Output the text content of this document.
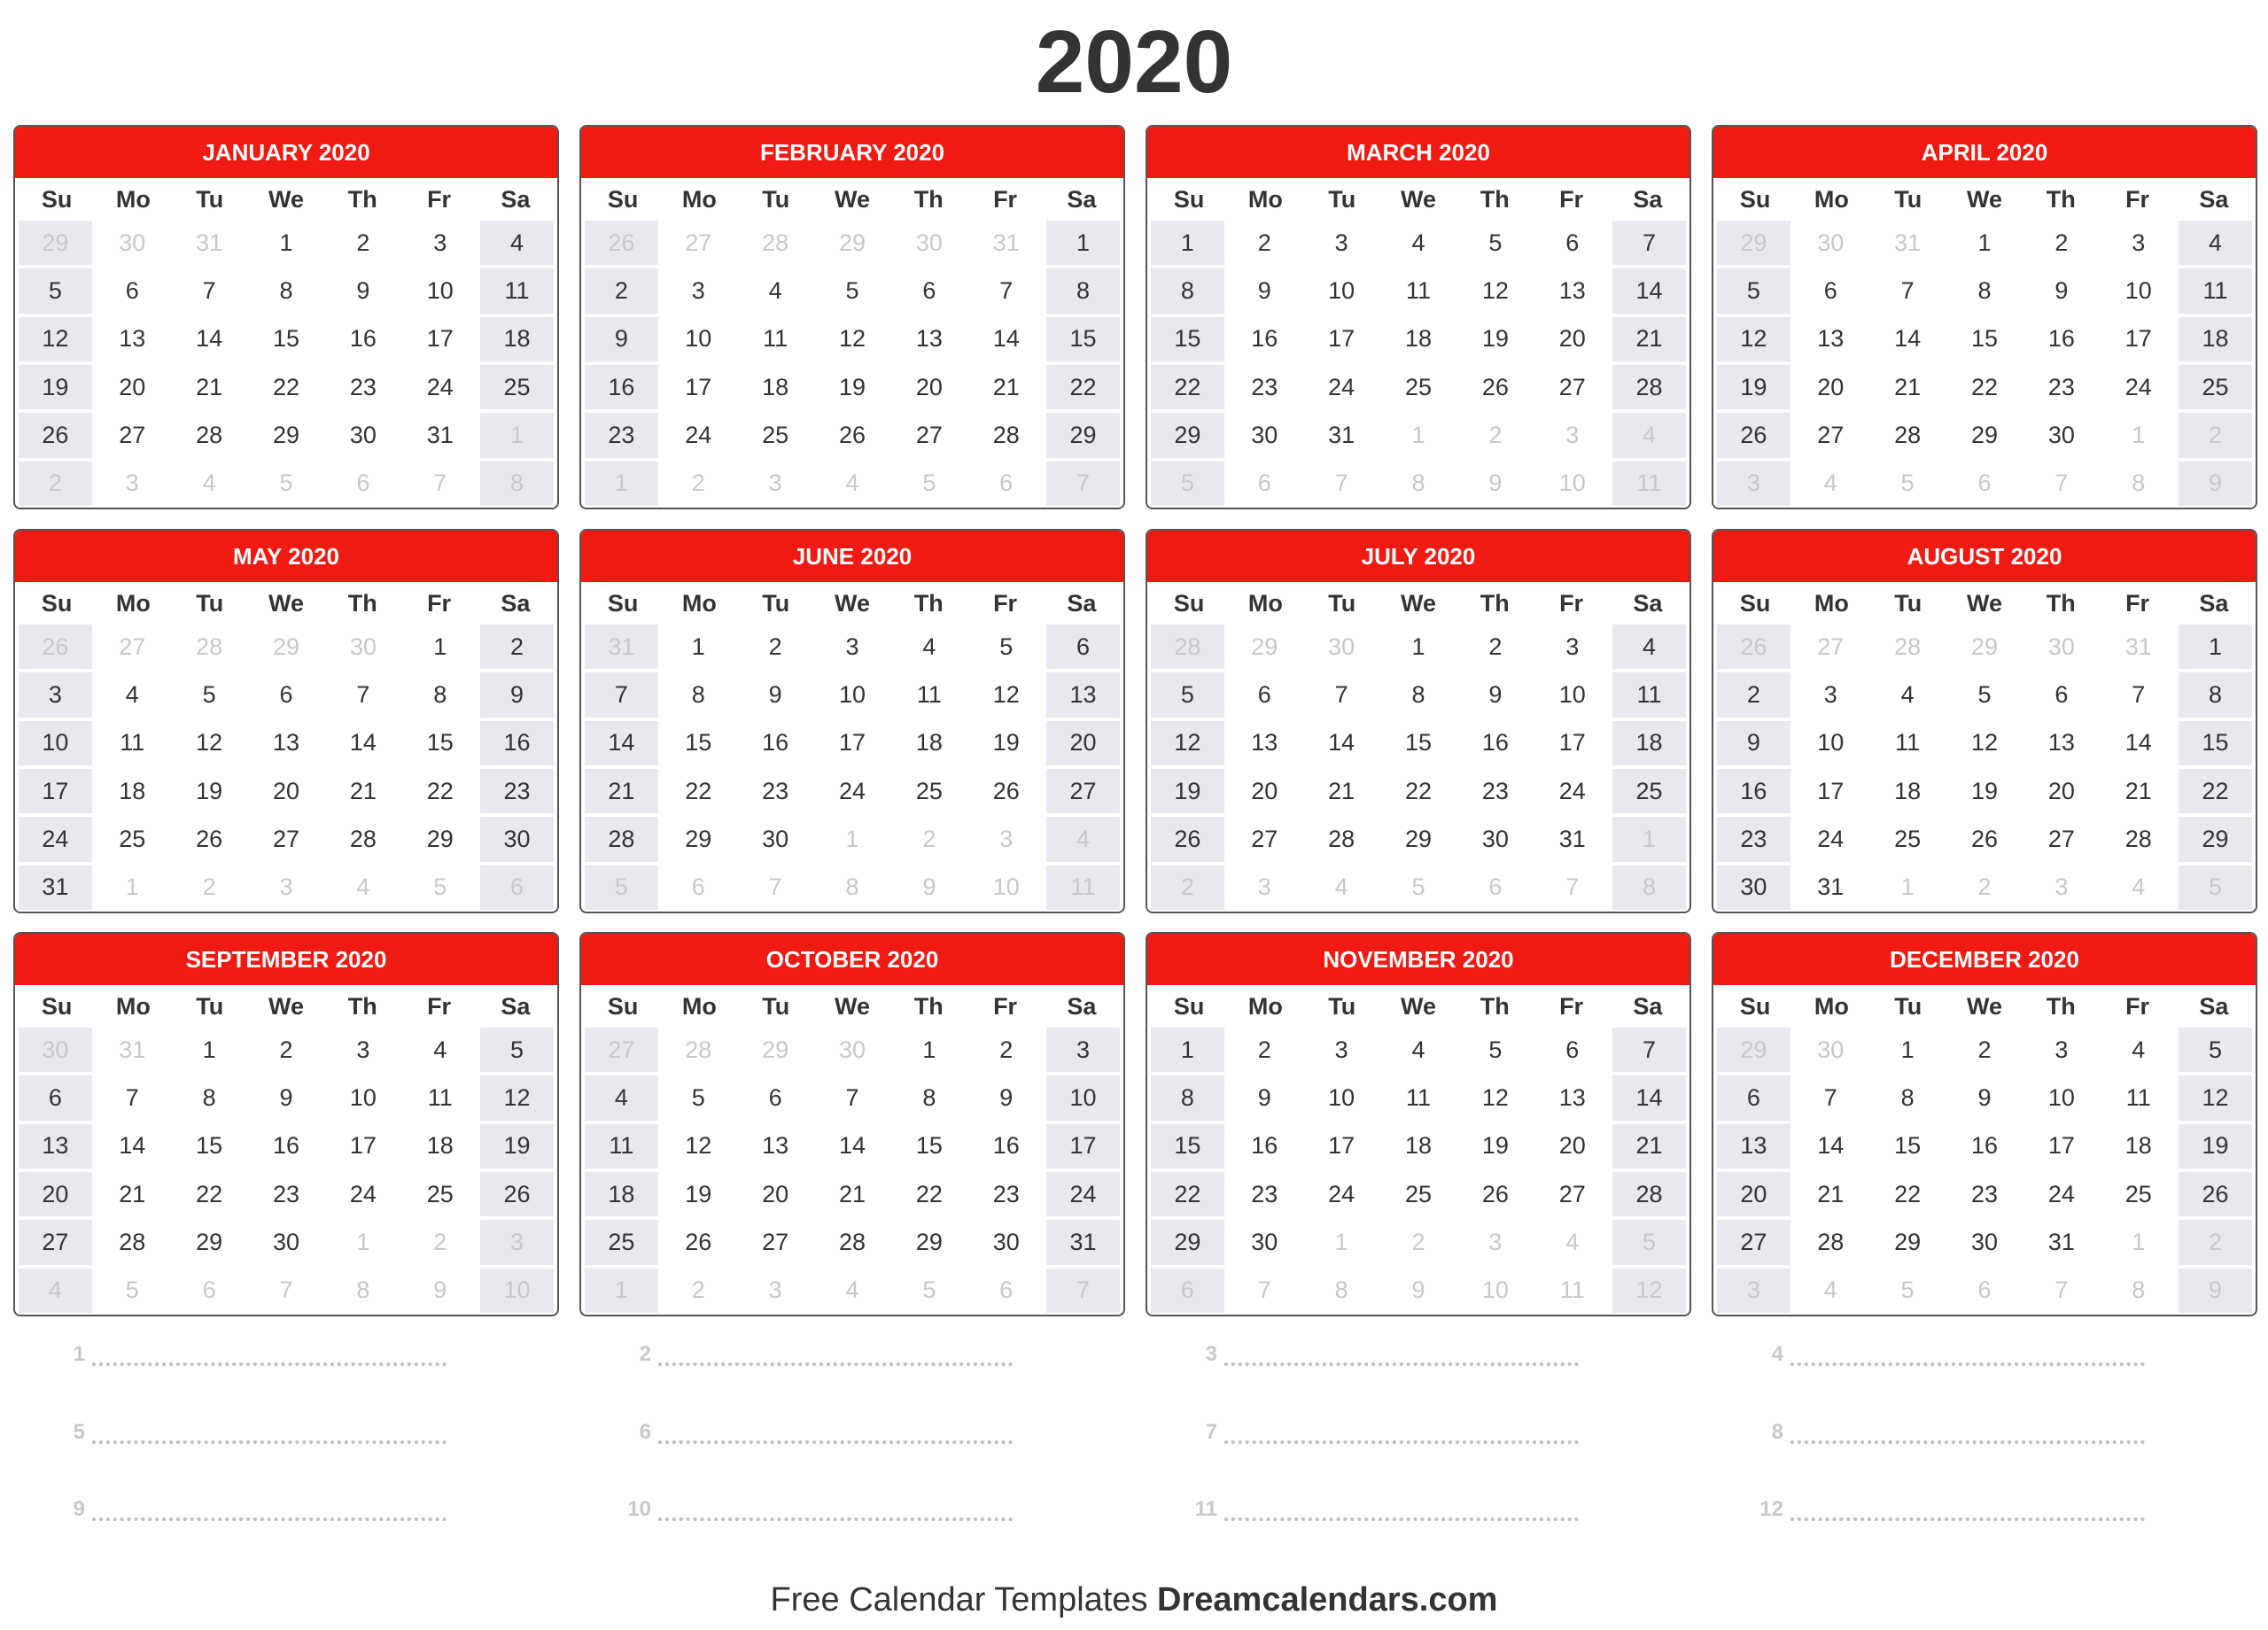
2020
JANUARY 2020
Su	Mo	Tu	We	Th	Fr	Sa
29	30	31	1	2	3	4
5	6	7	8	9	10	11
12	13	14	15	16	17	18
19	20	21	22	23	24	25
26	27	28	29	30	31	1
2	3	4	5	6	7	8
FEBRUARY 2020
Su	Mo	Tu	We	Th	Fr	Sa
26	27	28	29	30	31	1
2	3	4	5	6	7	8
9	10	11	12	13	14	15
16	17	18	19	20	21	22
23	24	25	26	27	28	29
1	2	3	4	5	6	7
MARCH 2020
Su	Mo	Tu	We	Th	Fr	Sa
1	2	3	4	5	6	7
8	9	10	11	12	13	14
15	16	17	18	19	20	21
22	23	24	25	26	27	28
29	30	31	1	2	3	4
5	6	7	8	9	10	11
APRIL 2020
Su	Mo	Tu	We	Th	Fr	Sa
29	30	31	1	2	3	4
5	6	7	8	9	10	11
12	13	14	15	16	17	18
19	20	21	22	23	24	25
26	27	28	29	30	1	2
3	4	5	6	7	8	9
MAY 2020
Su	Mo	Tu	We	Th	Fr	Sa
26	27	28	29	30	1	2
3	4	5	6	7	8	9
10	11	12	13	14	15	16
17	18	19	20	21	22	23
24	25	26	27	28	29	30
31	1	2	3	4	5	6
JUNE 2020
Su	Mo	Tu	We	Th	Fr	Sa
31	1	2	3	4	5	6
7	8	9	10	11	12	13
14	15	16	17	18	19	20
21	22	23	24	25	26	27
28	29	30	1	2	3	4
5	6	7	8	9	10	11
JULY 2020
Su	Mo	Tu	We	Th	Fr	Sa
28	29	30	1	2	3	4
5	6	7	8	9	10	11
12	13	14	15	16	17	18
19	20	21	22	23	24	25
26	27	28	29	30	31	1
2	3	4	5	6	7	8
AUGUST 2020
Su	Mo	Tu	We	Th	Fr	Sa
26	27	28	29	30	31	1
2	3	4	5	6	7	8
9	10	11	12	13	14	15
16	17	18	19	20	21	22
23	24	25	26	27	28	29
30	31	1	2	3	4	5
SEPTEMBER 2020
Su	Mo	Tu	We	Th	Fr	Sa
30	31	1	2	3	4	5
6	7	8	9	10	11	12
13	14	15	16	17	18	19
20	21	22	23	24	25	26
27	28	29	30	1	2	3
4	5	6	7	8	9	10
OCTOBER 2020
Su	Mo	Tu	We	Th	Fr	Sa
27	28	29	30	1	2	3
4	5	6	7	8	9	10
11	12	13	14	15	16	17
18	19	20	21	22	23	24
25	26	27	28	29	30	31
1	2	3	4	5	6	7
NOVEMBER 2020
Su	Mo	Tu	We	Th	Fr	Sa
1	2	3	4	5	6	7
8	9	10	11	12	13	14
15	16	17	18	19	20	21
22	23	24	25	26	27	28
29	30	1	2	3	4	5
6	7	8	9	10	11	12
DECEMBER 2020
Su	Mo	Tu	We	Th	Fr	Sa
29	30	1	2	3	4	5
6	7	8	9	10	11	12
13	14	15	16	17	18	19
20	21	22	23	24	25	26
27	28	29	30	31	1	2
3	4	5	6	7	8	9
1	2	3	4
5	6	7	8
9	10	11	12
Free Calendar Templates Dreamcalendars.com
